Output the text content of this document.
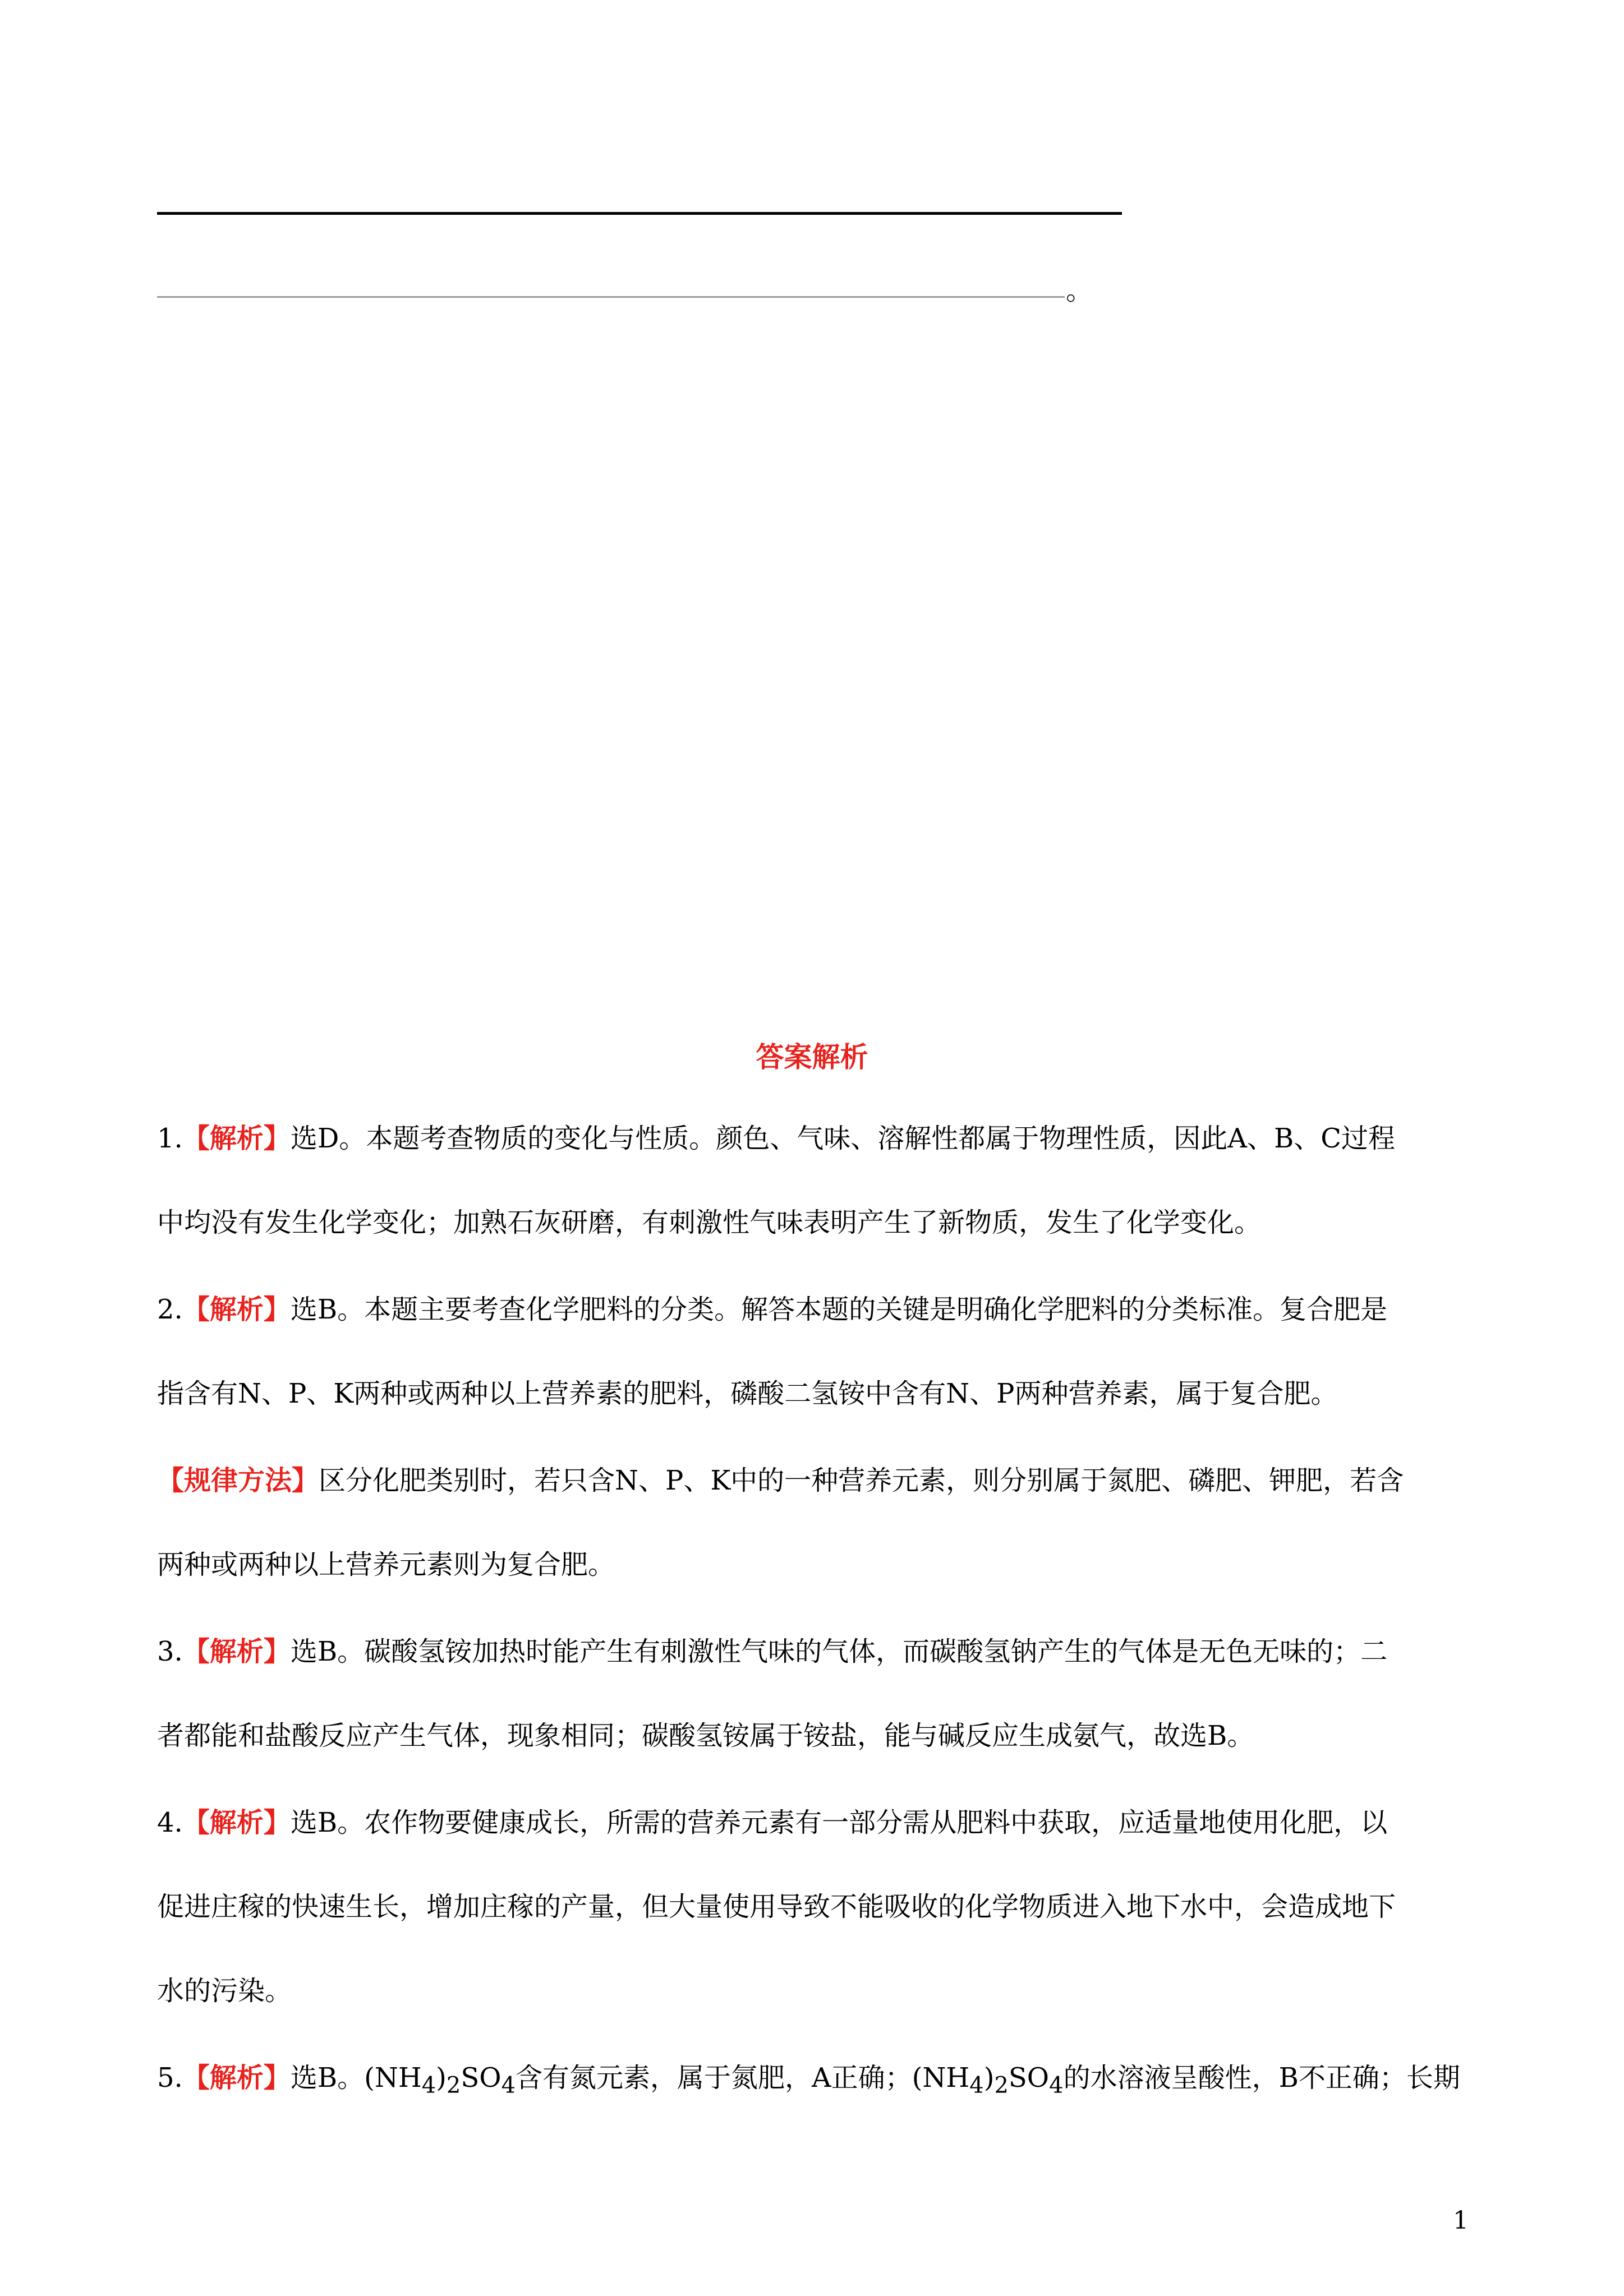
。
答案解析
1.【解析】选D。本题考查物质的变化与性质。颜色、气味、溶解性都属于物理性质，因此A、B、C过程
中均没有发生化学变化；加熟石灰研磨，有刺激性气味表明产生了新物质，发生了化学变化。
2.【解析】选B。本题主要考查化学肥料的分类。解答本题的关键是明确化学肥料的分类标准。复合肥是
指含有N、P、K两种或两种以上营养素的肥料，磷酸二氢铵中含有N、P两种营养素，属于复合肥。
【规律方法】区分化肥类别时，若只含N、P、K中的一种营养元素，则分别属于氮肥、磷肥、钾肥，若含
两种或两种以上营养元素则为复合肥。
3.【解析】选B。碳酸氢铵加热时能产生有刺激性气味的气体，而碳酸氢钠产生的气体是无色无味的；二
者都能和盐酸反应产生气体，现象相同；碳酸氢铵属于铵盐，能与碱反应生成氨气，故选B。
4.【解析】选B。农作物要健康成长，所需的营养元素有一部分需从肥料中获取，应适量地使用化肥，以
促进庄稼的快速生长，增加庄稼的产量，但大量使用导致不能吸收的化学物质进入地下水中，会造成地下
水的污染。
5.【解析】选B。$(NH_4)_2SO_4$含有氮元素，属于氮肥，A正确；$(NH_4)_2SO_4$的水溶液呈酸性，B不正确；长期
1
